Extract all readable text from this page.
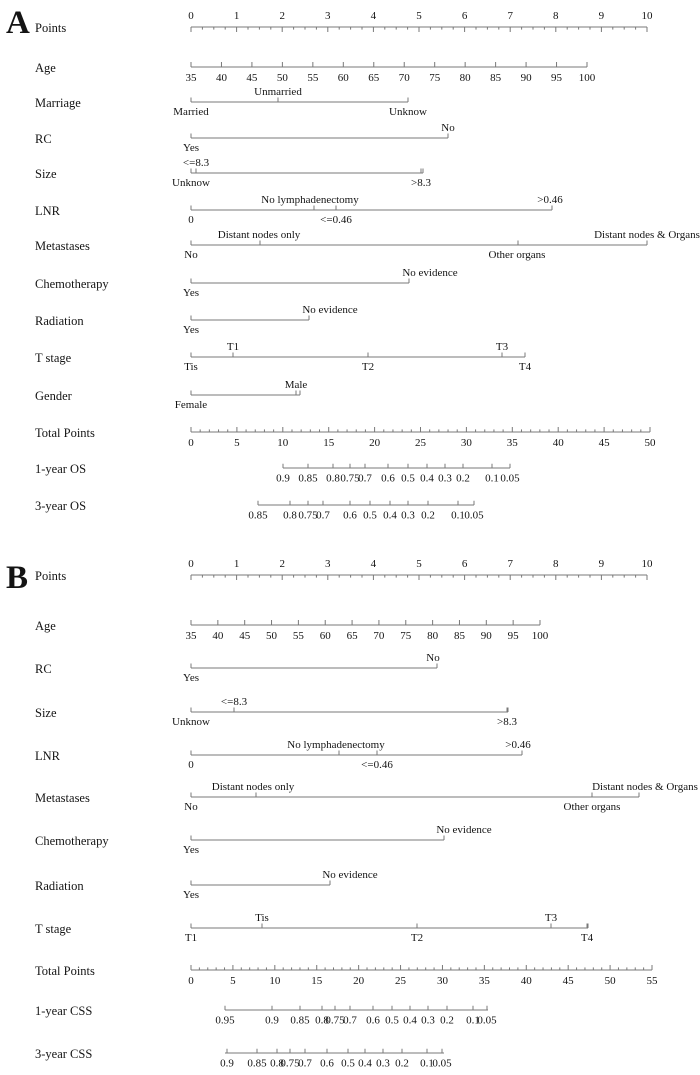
A Points
0	1	2	3	4	5	6	7	8	9	10
Age
35 40 45 50 55 60 65 70 75 80 85 90 95 100
Marriage
Married
Unmarried
Unknow
RC
Yes
No
Size
Unknow
<=8.3
>8.3
LNR
0
No lymphadenectomy
<=0.46
>0.46
Metastases
No
Distant nodes only
Other organs
Distant nodes & Organs
Chemotherapy
Yes
No evidence
Radiation
Yes
No evidence
T stage
Tis
T1
T2
T3
T4
Gender
Female
Male
Total Points
0	5	10	15	20	25	30	35	40	45	50
1-year OS
0.9 0.85 0.8 0.75
0.7 0.6 0.5 0.4 0.3 0.2 0.1 0.05
3-year OS
0.85 0.8 0.75
0.7 0.6 0.5 0.4 0.3 0.2 0.1 0.05
B Points
0	1	2	3	4	5	6	7	8	9	10
Age
35 40 45 50 55 60 65 70 75 80 85 90 95 100
RC
Yes
No
Size
Unknow
<=8.3
>8.3
LNR
0
No lymphadenectomy
<=0.46
>0.46
Metastases
No
Distant nodes only
Other organs
Distant nodes & Organs
Chemotherapy
Yes
No evidence
Radiation
Yes
No evidence
T stage
T1
Tis
T2
T3
T4
Total Points
0	5	10	15	20	25	30	35	40	45	50	55
1-year CSS
0.95	0.9 0.85 0.8
0.75
0.7 0.6 0.5 0.4 0.3 0.2 0.1
0.05
3-year CSS
0.9 0.85 0.8
0.75
0.7 0.6 0.5 0.4 0.3 0.2 0.1
0.05
